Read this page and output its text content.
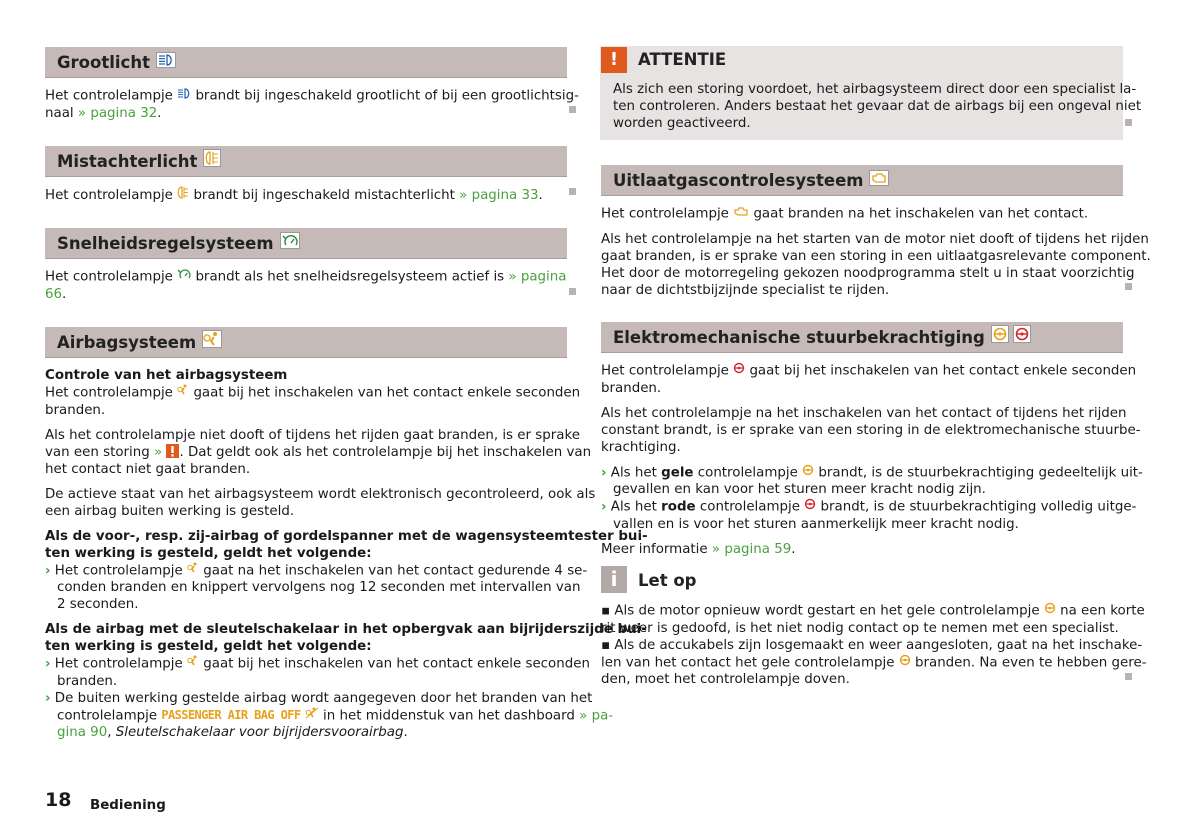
Grootlicht
Het controlelampje brandt bij ingeschakeld grootlicht of bij een grootlichtsig-
naal » pagina 32.
Mistachterlicht
Het controlelampje brandt bij ingeschakeld mistachterlicht » pagina 33.
Snelheidsregelsysteem
Het controlelampje brandt als het snelheidsregelsysteem actief is » pagina
66.
Airbagsysteem
Controle van het airbagsysteem
Het controlelampje gaat bij het inschakelen van het contact enkele seconden
branden.
Als het controlelampje niet dooft of tijdens het rijden gaat branden, is er sprake
van een storing » . Dat geldt ook als het controlelampje bij het inschakelen van
het contact niet gaat branden.
De actieve staat van het airbagsysteem wordt elektronisch gecontroleerd, ook als
een airbag buiten werking is gesteld.
Als de voor-, resp. zij-airbag of gordelspanner met de wagensysteemtester bui-
ten werking is gesteld, geldt het volgende:
› Het controlelampje gaat na het inschakelen van het contact gedurende 4 se-
conden branden en knippert vervolgens nog 12 seconden met intervallen van
2 seconden.
Als de airbag met de sleutelschakelaar in het opbergvak aan bijrijderszijde bui-
ten werking is gesteld, geldt het volgende:
› Het controlelampje gaat bij het inschakelen van het contact enkele seconden
branden.
› De buiten werking gestelde airbag wordt aangegeven door het branden van het
controlelampje PASSENGER AIR BAG OFF in het middenstuk van het dashboard » pa-
gina 90, Sleutelschakelaar voor bijrijdersvoorairbag.
!	ATTENTIE
Als zich een storing voordoet, het airbagsysteem direct door een specialist la-
ten controleren. Anders bestaat het gevaar dat de airbags bij een ongeval niet
worden geactiveerd.
Uitlaatgascontrolesysteem
Het controlelampje gaat branden na het inschakelen van het contact.
Als het controlelampje na het starten van de motor niet dooft of tijdens het rijden
gaat branden, is er sprake van een storing in een uitlaatgasrelevante component.
Het door de motorregeling gekozen noodprogramma stelt u in staat voorzichtig
naar de dichtstbijzijnde specialist te rijden.
Elektromechanische stuurbekrachtiging
Het controlelampje gaat bij het inschakelen van het contact enkele seconden
branden.
Als het controlelampje na het inschakelen van het contact of tijdens het rijden
constant brandt, is er sprake van een storing in de elektromechanische stuurbe-
krachtiging.
› Als het gele controlelampje brandt, is de stuurbekrachtiging gedeeltelijk uit-
gevallen en kan voor het sturen meer kracht nodig zijn.
› Als het rode controlelampje brandt, is de stuurbekrachtiging volledig uitge-
vallen en is voor het sturen aanmerkelijk meer kracht nodig.
Meer informatie » pagina 59.
i	Let op
▪ Als de motor opnieuw wordt gestart en het gele controlelampje na een korte
rit weer is gedoofd, is het niet nodig contact op te nemen met een specialist.
▪ Als de accukabels zijn losgemaakt en weer aangesloten, gaat na het inschake-
len van het contact het gele controlelampje branden. Na even te hebben gere-
den, moet het controlelampje doven.
18 Bediening
